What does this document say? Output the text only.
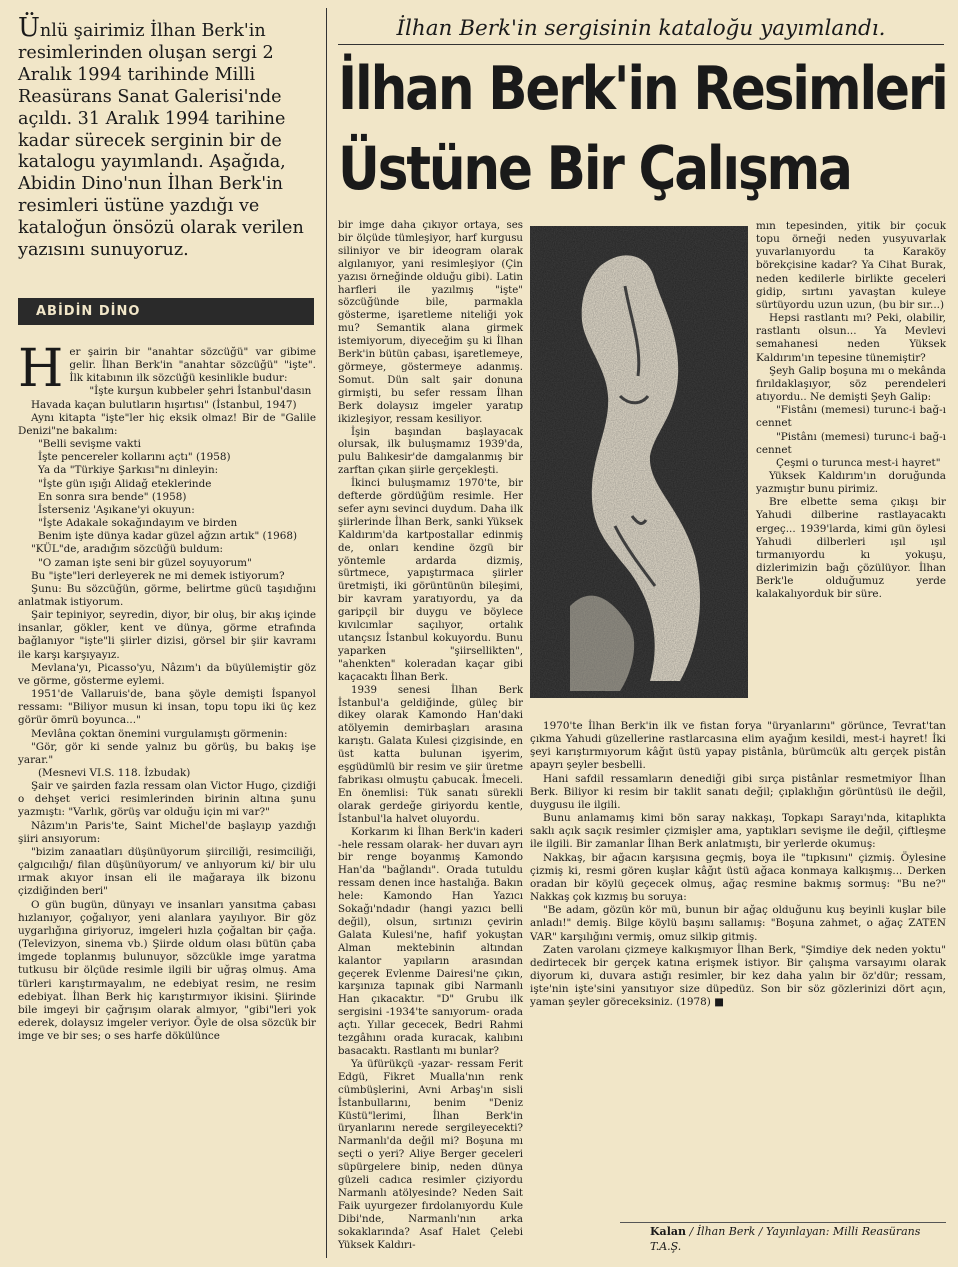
Ünlü şairimiz İlhan Berk'in resimlerinden oluşan sergi 2 Aralık 1994 tarihinde Milli Reasürans Sanat Galerisi'nde açıldı. 31 Aralık 1994 tarihine kadar sürecek serginin bir de katalogu yayımlandı. Aşağıda, Abidin Dino'nun İlhan Berk'in resimleri üstüne yazdığı ve kataloğun önsözü olarak verilen yazısını sunuyoruz.
ABİDİN DİNO
H er şairin bir "anahtar sözcüğü" var gibime gelir. İlhan Berk'in "anahtar sözcüğü" "işte". İlk kitabının ilk sözcüğü kesinlikle budur:

"İşte kurşun kubbeler şehri İstanbul'dasın

Havada kaçan bulutların hışırtısı" (İstanbul, 1947)

Aynı kitapta "işte"ler hiç eksik olmaz! Bir de "Galile Denizi"ne bakalım:

"Belli sevişme vakti

İşte pencereler kollarını açtı" (1958)

Ya da "Türkiye Şarkısı"nı dinleyin:

"İşte gün ışığı Alidağ eteklerinde

En sonra sıra bende" (1958)

İsterseniz 'Aşıkane'yi okuyun:

"İşte Adakale sokağındayım ve birden

Benim işte dünya kadar güzel ağzın artık" (1968)

"KÜL"de, aradığım sözcüğü buldum:

"O zaman işte seni bir güzel soyuyorum"

Bu "işte"leri derleyerek ne mi demek istiyorum?

Şunu: Bu sözcüğün, görme, belirtme gücü taşıdığını anlatmak istiyorum.

Şair tepiniyor, seyredin, diyor, bir oluş, bir akış içinde insanlar, gökler, kent ve dünya, görme etrafında bağlanıyor "işte"li şiirler dizisi, görsel bir şiir kavramı ile karşı karşıyayız.

Mevlana'yı, Picasso'yu, Nâzım'ı da büyülemiştir göz ve görme, gösterme eylemi.

1951'de Vallaruis'de, bana şöyle demişti İspanyol ressamı: "Biliyor musun ki insan, topu topu iki üç kez görür ömrü boyunca..."

Mevlâna çoktan önemini vurgulamıştı görmenin:

"Gör, gör ki sende yalnız bu görüş, bu bakış işe yarar."

(Mesnevi VI.S. 118. İzbudak)

Şair ve şairden fazla ressam olan Victor Hugo, çizdiği o dehşet verici resimlerinden birinin altına şunu yazmıştı: "Varlık, görüş var olduğu için mi var?"

Nâzım'ın Paris'te, Saint Michel'de başlayıp yazdığı şiiri ansıyorum:

"bizim zanaatları düşünüyorum şiirciliği, resimciliği, çalgıcılığı/ filan düşünüyorum/ ve anlıyorum ki/ bir ulu ırmak akıyor insan eli ile mağaraya ilk bizonu çizdiğinden beri"

O gün bugün, dünyayı ve insanları yansıtma çabası hızlanıyor, çoğalıyor, yeni alanlara yayılıyor. Bir göz uygarlığına giriyoruz, imgeleri hızla çoğaltan bir çağa. (Televizyon, sinema vb.) Şiirde oldum olası bütün çaba imgede toplanmış bulunuyor, sözcükle imge yaratma tutkusu bir ölçüde resimle ilgili bir uğraş olmuş. Ama türleri karıştırmayalım, ne edebiyat resim, ne resim edebiyat. İlhan Berk hiç karıştırmıyor ikisini. Şiirinde bile imgeyi bir çağrışım olarak almıyor, "gibi"leri yok ederek, dolaysız imgeler veriyor. Öyle de olsa sözcük bir imge ve bir ses; o ses harfe dökülünce

İlhan Berk'in sergisinin kataloğu yayımlandı.
İlhan Berk'in Resimleri
Üstüne Bir Çalışma

bir imge daha çıkıyor ortaya, ses bir ölçüde tümleşiyor, harf kurgusu siliniyor ve bir ideogram olarak algılanıyor, yani resimleşiyor (Çin yazısı örneğinde olduğu gibi). Latin harfleri ile yazılmış "işte" sözcüğünde bile, parmakla gösterme, işaretleme niteliği yok mu? Semantik alana girmek istemiyorum, diyeceğim şu ki İlhan Berk'in bütün çabası, işaretlemeye, görmeye, göstermeye adanmış. Somut. Dün salt şair donuna girmişti, bu sefer ressam İlhan Berk dolaysız imgeler yaratıp ikizleşiyor, ressam kesiliyor.

İşin başından başlayacak olursak, ilk buluşmamız 1939'da, pulu Balıkesir'de damgalanmış bir zarftan çıkan şiirle gerçekleşti.

İkinci buluşmamız 1970'te, bir defterde gördüğüm resimle. Her sefer aynı sevinci duydum. Daha ilk şiirlerinde İlhan Berk, sanki Yüksek Kaldırım'da kartpostallar edinmiş de, onları kendine özgü bir yöntemle ardarda dizmiş, sürtmece, yapıştırmaca şiirler üretmişti, iki görüntünün bileşimi, bir kavram yaratıyordu, ya da garipçil bir duygu ve böylece kıvılcımlar saçılıyor, ortalık utançsız İstanbul kokuyordu. Bunu yaparken "şiirsellikten", "ahenkten" koleradan kaçar gibi kaçacaktı İlhan Berk.

1939 senesi İlhan Berk İstanbul'a geldiğinde, güleç bir dikey olarak Kamondo Han'daki atölyemin demirbaşları arasına karıştı. Galata Kulesi çizgisinde, en üst katta bulunan işyerim, eşgüdümlü bir resim ve şiir üretme fabrikası olmuştu çabucak. İmeceli. En önemlisi: Tük sanatı sürekli olarak gerdeğe giriyordu kentle, İstanbul'la halvet oluyordu.

Korkarım ki İlhan Berk'in kaderi -hele ressam olarak- her duvarı ayrı bir renge boyanmış Kamondo Han'da "bağlandı". Orada tutuldu ressam denen ince hastalığa. Bakın hele: Kamondo Han Yazıcı Sokağı'ndadır (hangi yazıcı belli değil), olsun, sırtınızı çevirin Galata Kulesi'ne, hafif yokuştan Alman mektebinin altından kalantor yapıların arasından geçerek Evlenme Dairesi'ne çıkın, karşınıza tapınak gibi Narmanlı Han çıkacaktır. "D" Grubu ilk sergisini -1934'te sanıyorum- orada açtı. Yıllar gececek, Bedri Rahmi tezgâhını orada kuracak, kalıbını basacaktı. Rastlantı mı bunlar?

Ya üfürükçü -yazar- ressam Ferit Edgü, Fikret Mualla'nın renk cümbüşlerini, Avni Arbaş'ın sisli İstanbullarını, benim "Deniz Küstü"lerimi, İlhan Berk'in üryanlarını nerede sergileyecekti? Narmanlı'da değil mi? Boşuna mı seçti o yeri? Aliye Berger geceleri süpürgelere binip, neden dünya güzeli cadıca resimler çiziyordu Narmanlı atölyesinde? Neden Sait Faik uyurgezer fırdolanıyordu Kule Dibi'nde, Narmanlı'nın arka sokaklarında? Asaf Halet Çelebi Yüksek Kaldırı-

mın tepesinden, yitik bir çocuk topu örneği neden yusyuvarlak yuvarlanıyordu ta Karaköy börekçisine kadar? Ya Cihat Burak, neden kedilerle birlikte geceleri gidip, sırtını yavaştan kuleye sürtüyordu uzun uzun, (bu bir sır...)

Hepsi rastlantı mı? Peki, olabilir, rastlantı olsun... Ya Mevlevi semahanesi neden Yüksek Kaldırım'ın tepesine tünemiştir?

Şeyh Galip boşuna mı o mekânda fırıldaklaşıyor, söz perendeleri atıyordu.. Ne demişti Şeyh Galip:

"Fistânı (memesi) turunc-i bağ-ı cennet

"Pistânı (memesi) turunc-i bağ-ı cennet

Çeşmi o turunca mest-i hayret"

Yüksek Kaldırım'ın doruğunda yazmıştır bunu pirimiz.

Bre elbette sema çıkışı bir Yahudi dilberine rastlayacaktı ergeç... 1939'larda, kimi gün öylesi Yahudi dilberleri ışıl ışıl tırmanıyordu kı yokuşu, dizlerimizin bağı çözülüyor. İlhan Berk'le olduğumuz yerde kalakalıyorduk bir süre.

1970'te İlhan Berk'in ilk ve fistan forya "üryanlarını" görünce, Tevrat'tan çıkma Yahudi güzellerine rastlarcasına elim ayağım kesildi, mest-i hayret! İki şeyi karıştırmıyorum kâğıt üstü yapay pistânla, bürümcük altı gerçek pistân apayrı şeyler besbelli.

Hani safdil ressamların denediği gibi sırça pistânlar resmetmiyor İlhan Berk. Biliyor ki resim bir taklit sanatı değil; çıplaklığın görüntüsü ile değil, duygusu ile ilgili.

Bunu anlamamış kimi bön saray nakkaşı, Topkapı Sarayı'nda, kitaplıkta saklı açık saçık resimler çizmişler ama, yaptıkları sevişme ile değil, çiftleşme ile ilgili. Bir zamanlar İlhan Berk anlatmıştı, bir yerlerde okumuş:

Nakkaş, bir ağacın karşısına geçmiş, boya ile "tıpkısını" çizmiş. Öylesine çizmiş ki, resmi gören kuşlar kâğıt üstü ağaca konmaya kalkışmış... Derken oradan bir köylü geçecek olmuş, ağaç resmine bakmış sormuş: "Bu ne?" Nakkaş çok kızmış bu soruya:

"Be adam, gözün kör mü, bunun bir ağaç olduğunu kuş beyinli kuşlar bile anladı!" demiş. Bilge köylü başını sallamış: "Boşuna zahmet, o ağaç ZATEN VAR" karşılığını vermiş, omuz silkip gitmiş.

Zaten varolanı çizmeye kalkışmıyor İlhan Berk, "Şimdiye dek neden yoktu" dedirtecek bir gerçek katına erişmek istiyor. Bir çalışma varsayımı olarak diyorum ki, duvara astığı resimler, bir kez daha yalın bir öz'dür; ressam, işte'nin işte'sini yansıtıyor size düpedüz. Son bir söz gözlerinizi dört açın, yaman şeyler göreceksiniz. (1978) ■

Kalan / İlhan Berk / Yayınlayan: Milli Reasürans T.A.Ş.
